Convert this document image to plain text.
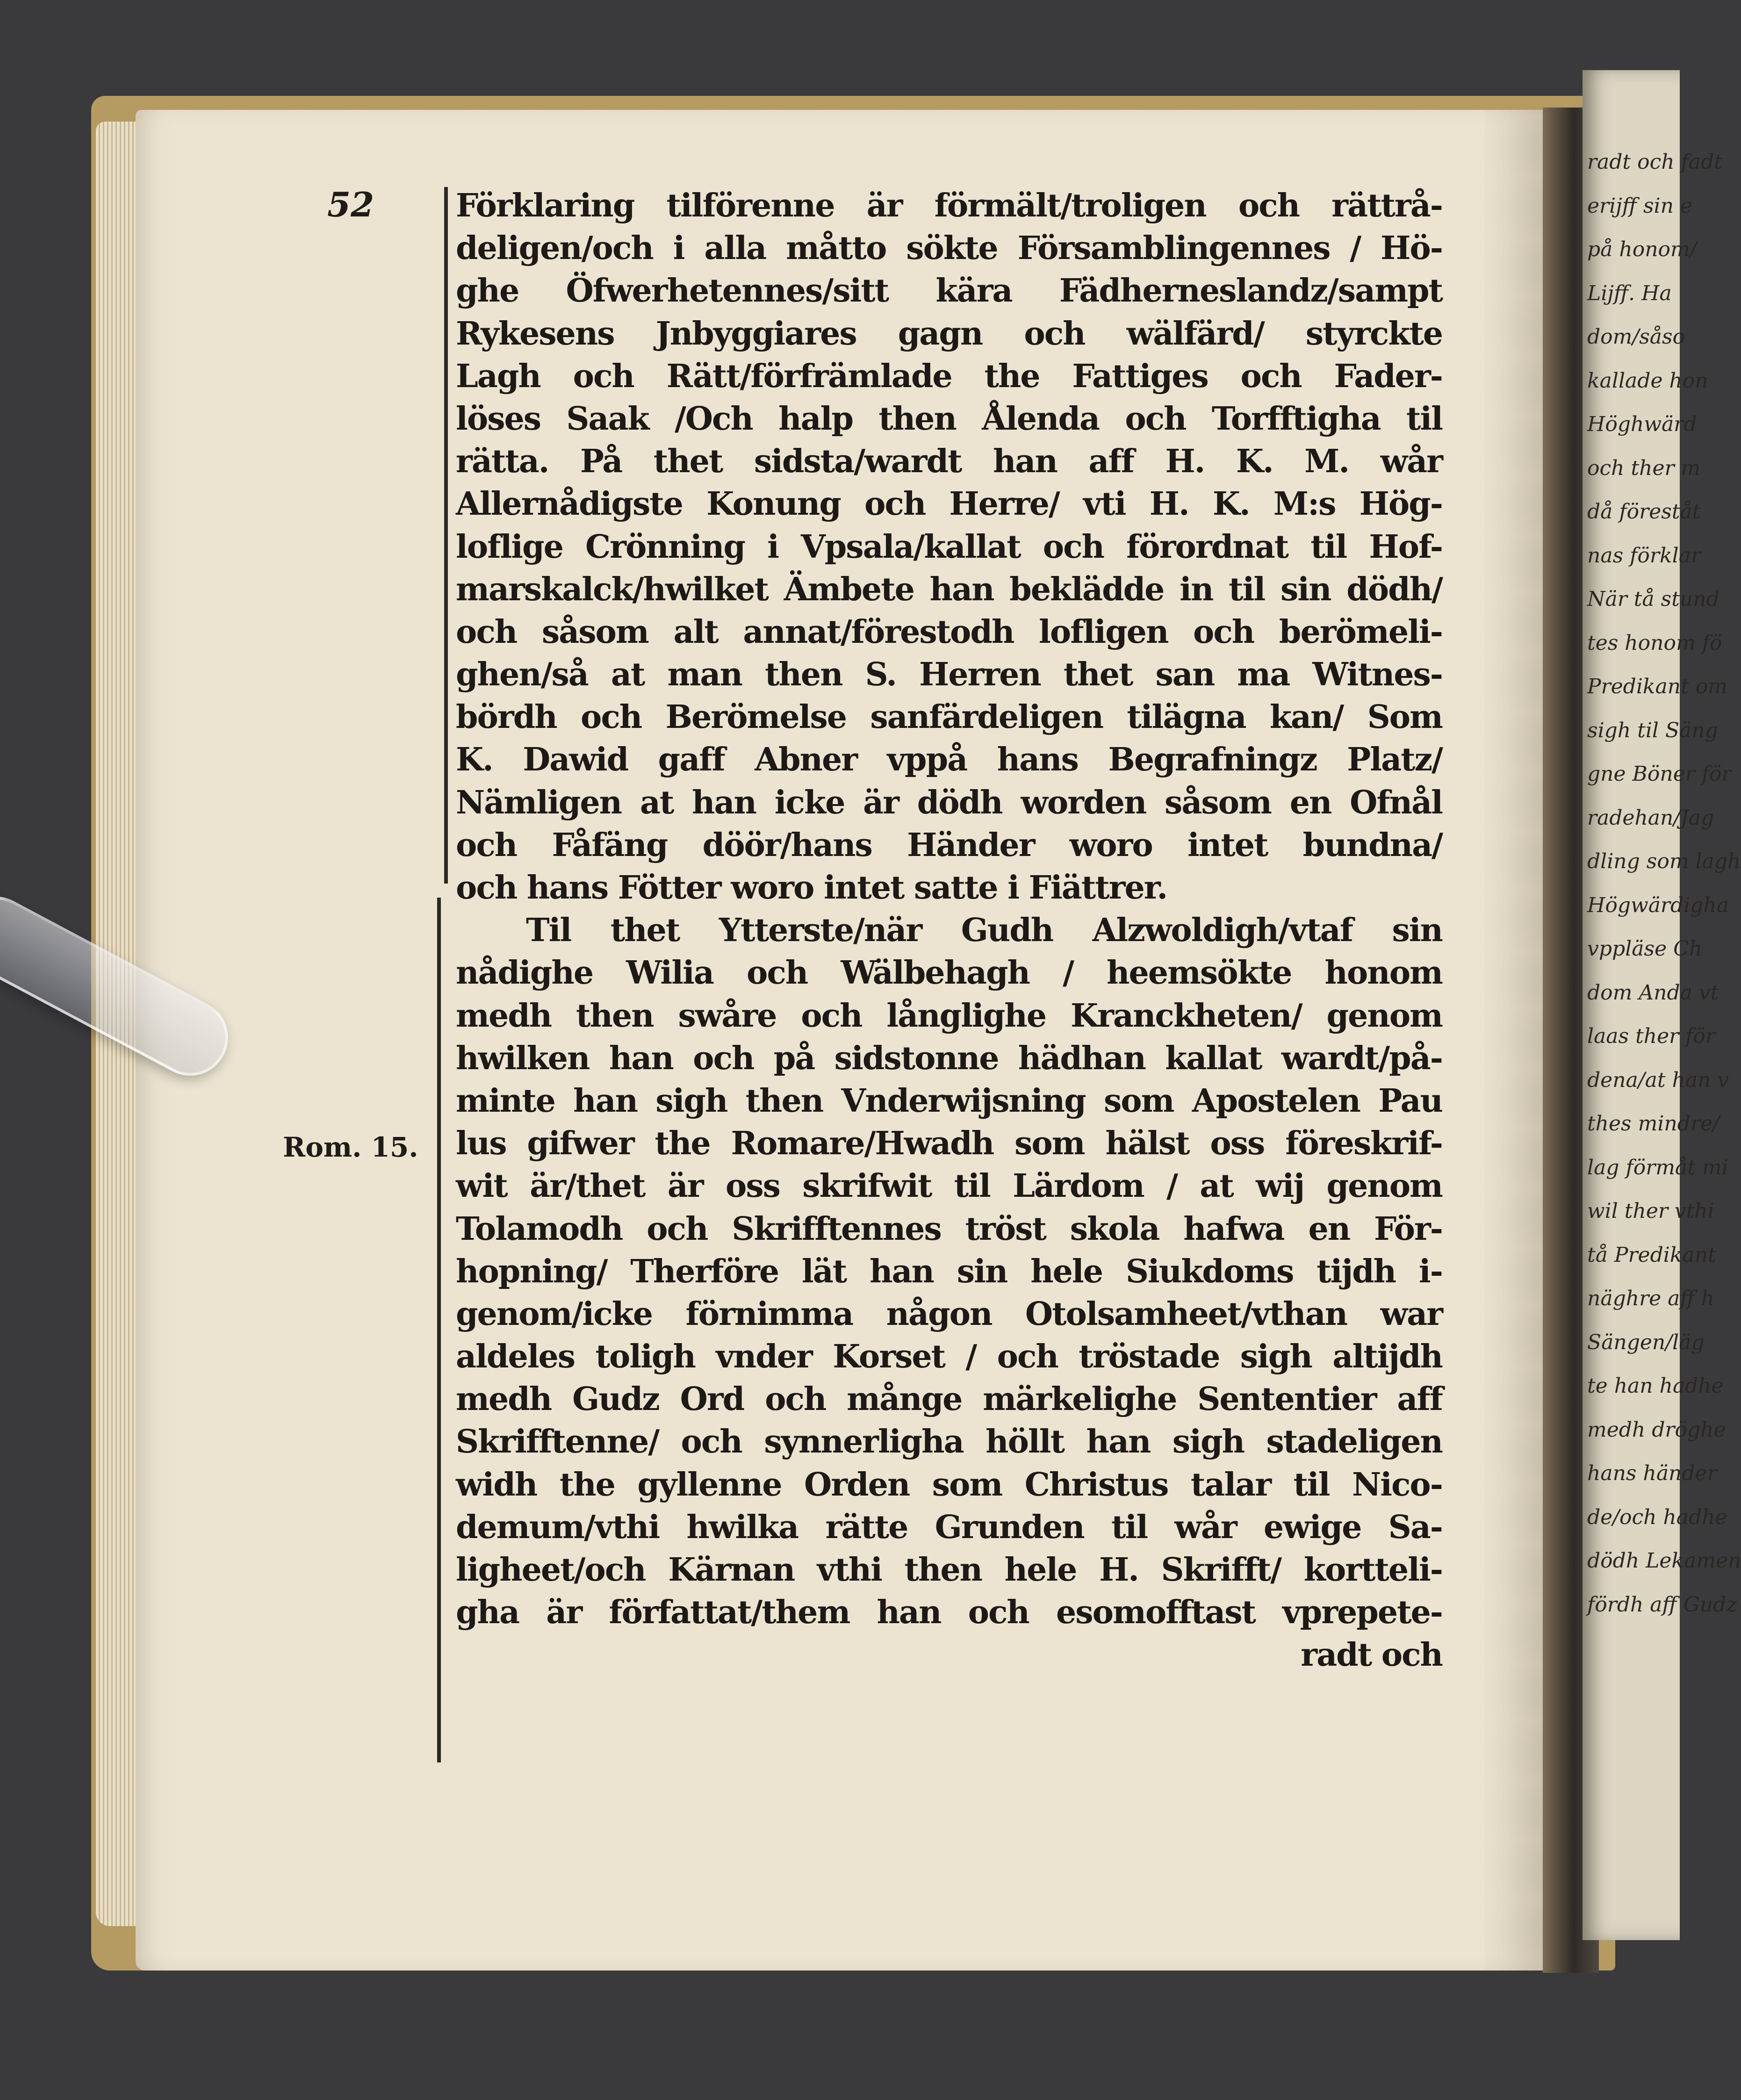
radt och fadt
erijff sin e
på honom/
Lijff. Ha
dom/såso
kallade hon
Höghwärd
och ther m
då föreståt
nas förklar
När tå stund
tes honom fö
Predikant om
sigh til Säng
gne Böner för
radehan/Jag
dling som lagh
Högwärdigha
vppläse Ch
dom Anda vt
laas ther för
dena/at han v
thes mindre/
lag förmåt mi
wil ther vthi
tå Predikant
näghre aff h
Sängen/läg
te han hadhe
medh dröghe
hans händer
de/och hadhe
dödh Lekamen
fördh aff Gudz
52
Rom. 15.
Förklaring tilförenne är förmält/troligen och rättrå-
deligen/och i alla måtto sökte Församblingennes / Hö-
ghe Öfwerhetennes/sitt kära Fädherneslandz/sampt
Rykesens Jnbyggiares gagn och wälfärd/ styrckte
Lagh och Rätt/förfrämlade the Fattiges och Fader-
löses Saak /Och halp then Ålenda och Torfftigha til
rätta. På thet sidsta/wardt han aff H. K. M. wår
Allernådigste Konung och Herre/ vti H. K. M:s Hög-
loflige Crönning i Vpsala/kallat och förordnat til Hof-
marskalck/hwilket Ämbete han beklädde in til sin dödh/
och såsom alt annat/förestodh lofligen och berömeli-
ghen/så at man then S. Herren thet san ma Witnes-
bördh och Berömelse sanfärdeligen tilägna kan/ Som
K. Dawid gaff Abner vppå hans Begrafningz Platz/
Nämligen at han icke är dödh worden såsom en Ofnål
och Fåfäng döör/hans Händer woro intet bundna/
och hans Fötter woro intet satte i Fiättrer.
Til thet Ytterste/när Gudh Alzwoldigh/vtaf sin
nådighe Wilia och Wälbehagh / heemsökte honom
medh then swåre och långlighe Kranckheten/ genom
hwilken han och på sidstonne hädhan kallat wardt/på-
minte han sigh then Vnderwijsning som Apostelen Pau
lus gifwer the Romare/Hwadh som hälst oss föreskrif-
wit är/thet är oss skrifwit til Lärdom / at wij genom
Tolamodh och Skrifftennes tröst skola hafwa en För-
hopning/ Therföre lät han sin hele Siukdoms tijdh i-
genom/icke förnimma någon Otolsamheet/vthan war
aldeles toligh vnder Korset / och tröstade sigh altijdh
medh Gudz Ord och månge märkelighe Sententier aff
Skrifftenne/ och synnerligha höllt han sigh stadeligen
widh the gyllenne Orden som Christus talar til Nico-
demum/vthi hwilka rätte Grunden til wår ewige Sa-
ligheet/och Kärnan vthi then hele H. Skrifft/ kortteli-
gha är författat/them han och esomofftast vprepete-
radt och
